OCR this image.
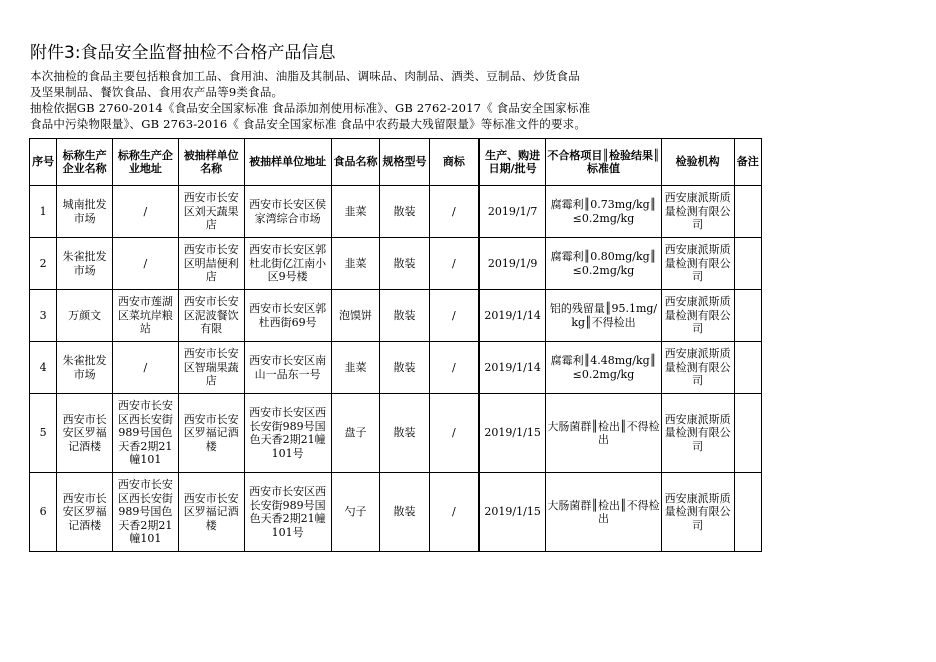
附件3:食品安全监督抽检不合格产品信息

本次抽检的食品主要包括粮食加工品、食用油、油脂及其制品、调味品、肉制品、酒类、豆制品、炒货食品

及坚果制品、餐饮食品、食用农产品等9类食品。

抽检依据GB 2760-2014《食品安全国家标准 食品添加剂使用标准》、GB 2762-2017《 食品安全国家标准

食品中污染物限量》、GB 2763-2016《 食品安全国家标准 食品中农药最大残留限量》等标准文件的要求。

序号	标称生产企业名称	标称生产企业地址	被抽样单位名称	被抽样单位地址	食品名称	规格型号	商标	生产、购进日期/批号	不合格项目║检验结果║标准值	检验机构	备注
1	城南批发市场	/	西安市长安区刘天蔬果店	西安市长安区侯家湾综合市场	韭菜	散装	/	2019/1/7	腐霉利║0.73mg/kg║≤0.2mg/kg	西安康派斯质量检测有限公司	
2	朱雀批发市场	/	西安市长安区明喆便利店	西安市长安区郭杜北街亿江南小区9号楼	韭菜	散装	/	2019/1/9	腐霉利║0.80mg/kg║≤0.2mg/kg	西安康派斯质量检测有限公司	
3	万颜文	西安市莲湖区菜坑岸粮站	西安市长安区泥波餐饮有限	西安市长安区郭杜西街69号	泡馍饼	散装	/	2019/1/14	铝的残留量║95.1mg/kg║不得检出	西安康派斯质量检测有限公司	
4	朱雀批发市场	/	西安市长安区智瑞果蔬店	西安市长安区南山一品东一号	韭菜	散装	/	2019/1/14	腐霉利║4.48mg/kg║≤0.2mg/kg	西安康派斯质量检测有限公司	
5	西安市长安区罗福记酒楼	西安市长安区西长安街989号国色天香2期21幢101	西安市长安区罗福记酒楼	西安市长安区西长安街989号国色天香2期21幢101号	盘子	散装	/	2019/1/15	大肠菌群║检出║不得检出	西安康派斯质量检测有限公司	
6	西安市长安区罗福记酒楼	西安市长安区西长安街989号国色天香2期21幢101	西安市长安区罗福记酒楼	西安市长安区西长安街989号国色天香2期21幢101号	勺子	散装	/	2019/1/15	大肠菌群║检出║不得检出	西安康派斯质量检测有限公司	
